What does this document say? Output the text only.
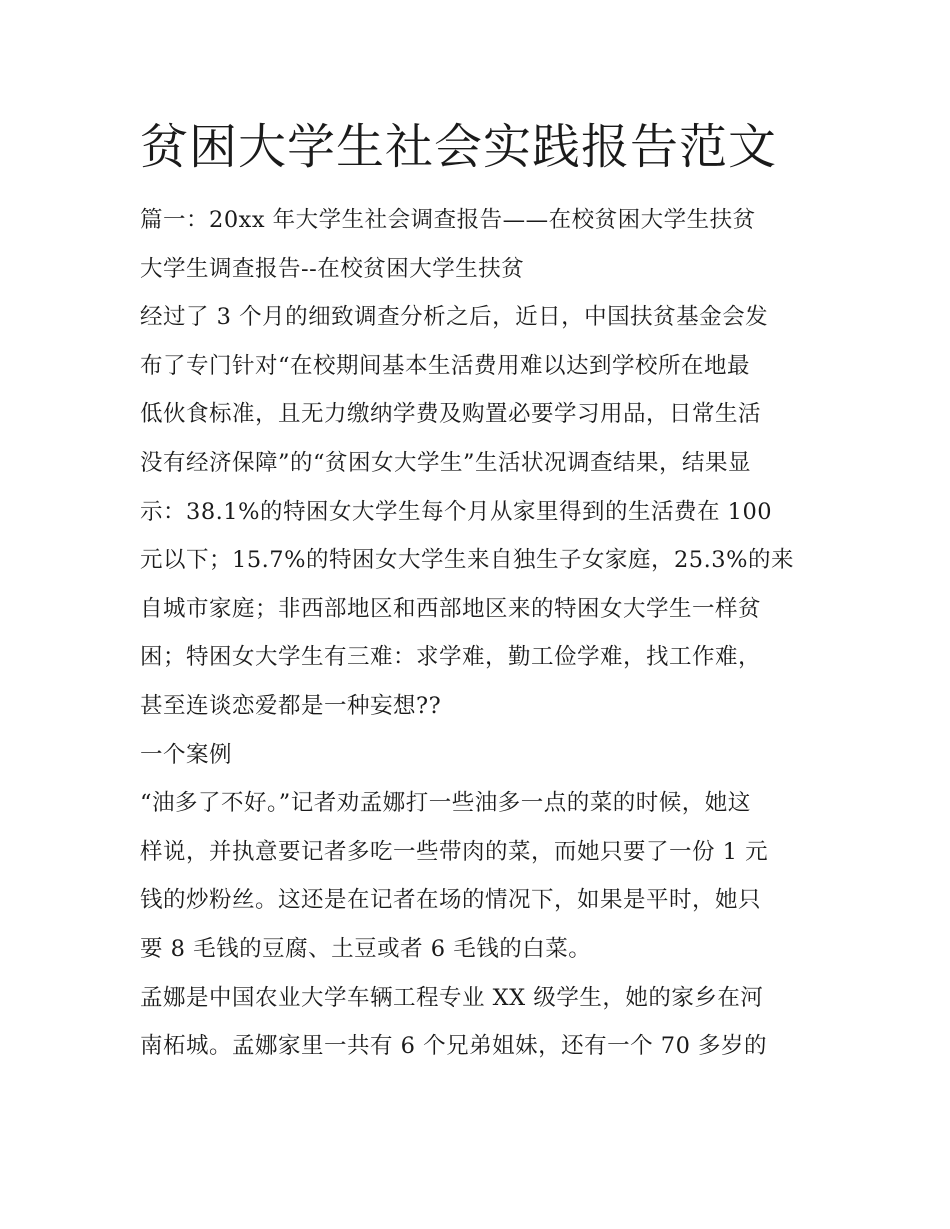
贫困大学生社会实践报告范文
篇一：20xx 年大学生社会调查报告——在校贫困大学生扶贫
大学生调查报告--在校贫困大学生扶贫
经过了 3 个月的细致调查分析之后，近日，中国扶贫基金会发
布了专门针对“在校期间基本生活费用难以达到学校所在地最
低伙食标准，且无力缴纳学费及购置必要学习用品，日常生活
没有经济保障”的“贫困女大学生”生活状况调查结果，结果显
示：38.1%的特困女大学生每个月从家里得到的生活费在 100
元以下；15.7%的特困女大学生来自独生子女家庭，25.3%的来
自城市家庭；非西部地区和西部地区来的特困女大学生一样贫
困；特困女大学生有三难：求学难，勤工俭学难，找工作难，
甚至连谈恋爱都是一种妄想??
一个案例
“油多了不好。”记者劝孟娜打一些油多一点的菜的时候，她这
样说，并执意要记者多吃一些带肉的菜，而她只要了一份 1 元
钱的炒粉丝。这还是在记者在场的情况下，如果是平时，她只
要 8 毛钱的豆腐、土豆或者 6 毛钱的白菜。
孟娜是中国农业大学车辆工程专业 XX 级学生，她的家乡在河
南柘城。孟娜家里一共有 6 个兄弟姐妹，还有一个 70 多岁的
